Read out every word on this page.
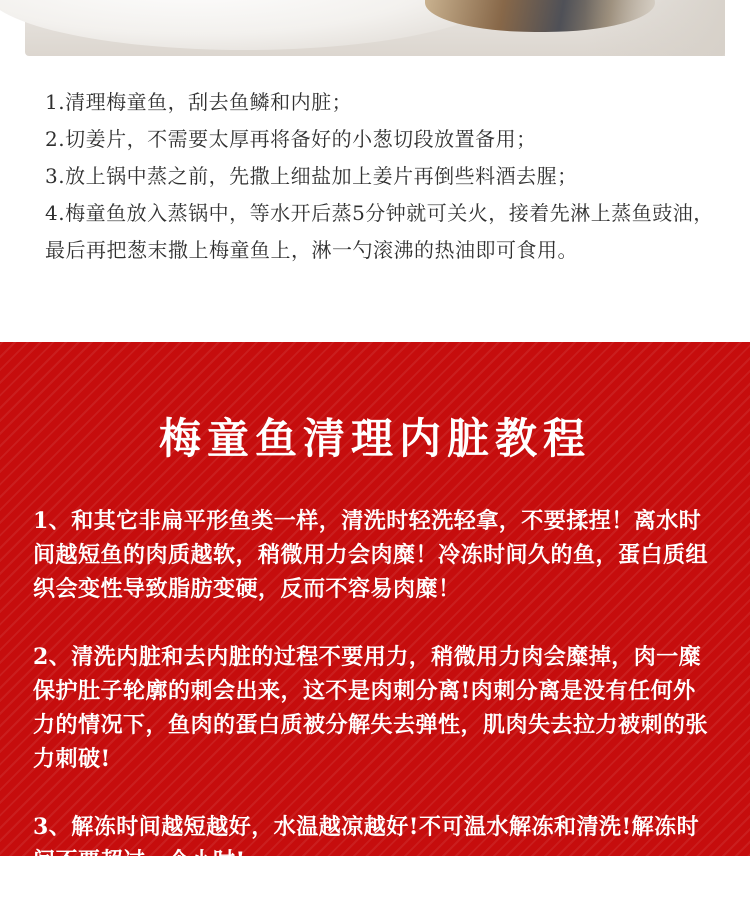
1.清理梅童鱼，刮去鱼鳞和内脏；

2.切姜片，不需要太厚再将备好的小葱切段放置备用；

3.放上锅中蒸之前，先撒上细盐加上姜片再倒些料酒去腥；

4.梅童鱼放入蒸锅中，等水开后蒸5分钟就可关火，接着先淋上蒸鱼豉油，最后再把葱末撒上梅童鱼上，淋一勺滚沸的热油即可食用。

梅童鱼清理内脏教程

1、和其它非扁平形鱼类一样，清洗时轻洗轻拿，不要揉捏！离水时间越短鱼的肉质越软，稍微用力会肉糜！冷冻时间久的鱼，蛋白质组织会变性导致脂肪变硬，反而不容易肉糜！

2、清洗内脏和去内脏的过程不要用力，稍微用力肉会糜掉，肉一糜保护肚子轮廓的刺会出来，这不是肉刺分离!肉刺分离是没有任何外力的情况下，鱼肉的蛋白质被分解失去弹性，肌肉失去拉力被刺的张力刺破!

3、解冻时间越短越好，水温越凉越好!不可温水解冻和清洗!解冻时间不要超过一个小时!
